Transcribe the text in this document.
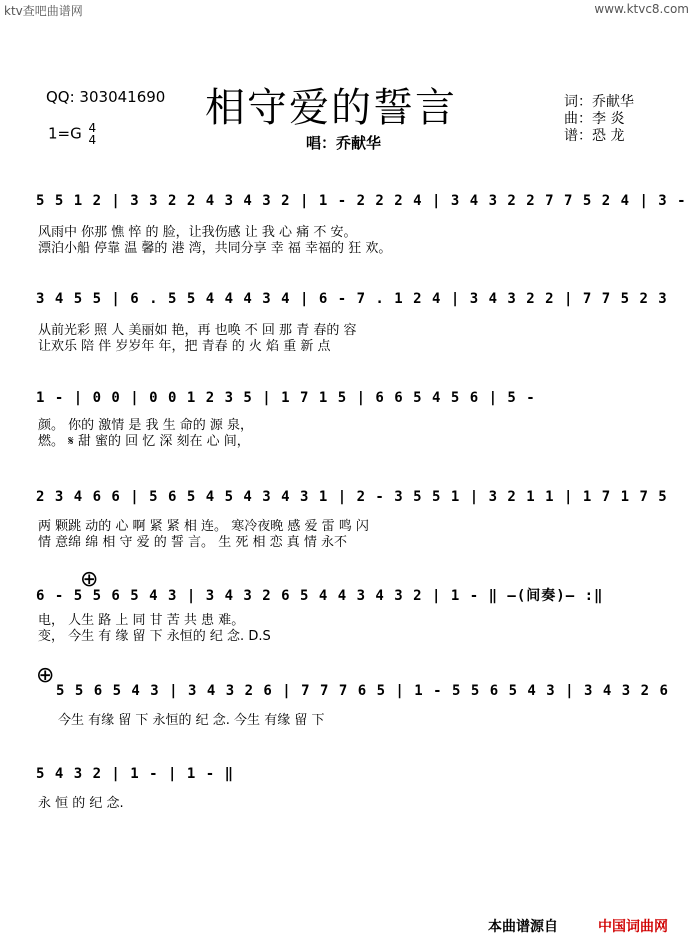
ktv查吧曲谱网	www.ktvc8.com
QQ: 303041690
1=G 4
4
相守爱的誓言
唱：乔献华
词：乔献华
曲：李 炎
谱：恐 龙
5 5 1 2 | 3 3 2 2 4 3 4 3 2 | 1 - 2 2 2 4 | 3 4 3 2 2 7 7 5 2 4 | 3 -
风雨中 你那 憔 悴 的 脸，让我伤感 让 我 心 痛 不 安。
漂泊小船 停靠 温 馨的 港 湾，共同分享 幸 福 幸福的 狂 欢。
3 4 5 5 | 6 . 5 5 4 4 4 3 4 | 6 - 7 . 1 2 4 | 3 4 3 2 2 | 7 7 5 2 3
从前光彩 照 人 美丽如 艳，再 也唤 不 回 那 青 春的 容
让欢乐 陪 伴 岁岁年 年，把 青春 的 火 焰 重 新 点
1 - | 0 0 | 0 0 1 2 3 5 | 1 7 1 5 | 6 6 5 4 5 6 | 5 -
颜。 你的 激情 是 我 生 命的 源 泉，
燃。 𝄋 甜 蜜的 回 忆 深 刻在 心 间，
2 3 4 6 6 | 5 6 5 4 5 4 3 4 3 1 | 2 - 3 5 5 1 | 3 2 1 1 | 1 7 1 7 5
两 颗跳 动的 心 啊 紧 紧 相 连。 寒冷夜晚 感 爱 雷 鸣 闪
情 意绵 绵 相 守 爱 的 誓 言。 生 死 相 恋 真 情 永不
⊕
6 - 5 5 6 5 4 3 | 3 4 3 2 6 5 4 4 3 4 3 2 | 1 - ‖ —(间奏)— :‖
电， 人生 路 上 同 甘 苦 共 患 难。
变， 今生 有 缘 留 下 永恒的 纪 念. D.S
⊕
5 5 6 5 4 3 | 3 4 3 2 6 | 7 7 7 6 5 | 1 - 5 5 6 5 4 3 | 3 4 3 2 6
今生 有缘 留 下 永恒的 纪 念. 今生 有缘 留 下
5 4 3 2 | 1 - | 1 - ‖
永 恒 的 纪 念.
本曲谱源自	中国词曲网
